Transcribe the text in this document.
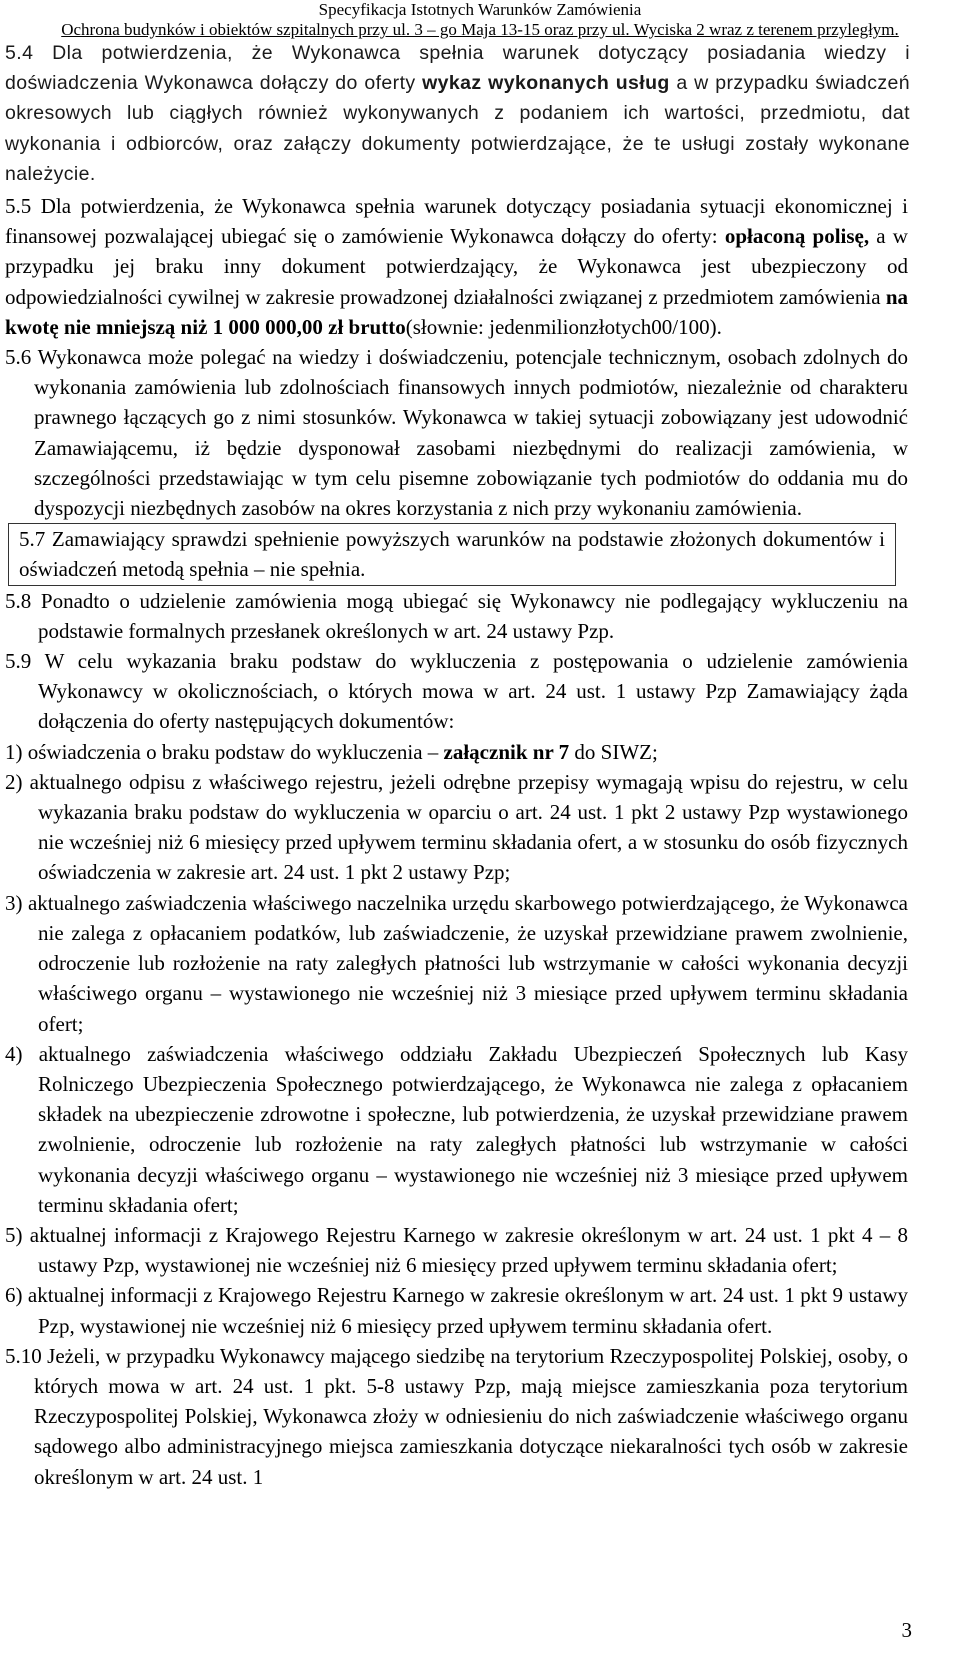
Specyfikacja Istotnych Warunków Zamówienia
Ochrona budynków i obiektów szpitalnych przy ul. 3 – go Maja 13-15 oraz przy ul. Wyciska 2 wraz z terenem przyległym.
5.4 Dla potwierdzenia, że Wykonawca spełnia warunek dotyczący posiadania wiedzy i doświadczenia Wykonawca dołączy do oferty wykaz wykonanych usług a w przypadku świadczeń okresowych lub ciągłych również wykonywanych z podaniem ich wartości, przedmiotu, dat wykonania i odbiorców, oraz załączy dokumenty potwierdzające, że te usługi zostały wykonane należycie.
5.5 Dla potwierdzenia, że Wykonawca spełnia warunek dotyczący posiadania sytuacji ekonomicznej i finansowej pozwalającej ubiegać się o zamówienie Wykonawca dołączy do oferty: opłaconą polisę, a w przypadku jej braku inny dokument potwierdzający, że Wykonawca jest ubezpieczony od odpowiedzialności cywilnej w zakresie prowadzonej działalności związanej z przedmiotem zamówienia na kwotę nie mniejszą niż 1 000 000,00 zł brutto(słownie: jedenmilionzłotych00/100).
5.6 Wykonawca może polegać na wiedzy i doświadczeniu, potencjale technicznym, osobach zdolnych do wykonania zamówienia lub zdolnościach finansowych innych podmiotów, niezależnie od charakteru prawnego łączących go z nimi stosunków. Wykonawca w takiej sytuacji zobowiązany jest udowodnić Zamawiającemu, iż będzie dysponował zasobami niezbędnymi do realizacji zamówienia, w szczególności przedstawiając w tym celu pisemne zobowiązanie tych podmiotów do oddania mu do dyspozycji niezbędnych zasobów na okres korzystania z nich przy wykonaniu zamówienia.
5.7 Zamawiający sprawdzi spełnienie powyższych warunków na podstawie złożonych dokumentów i oświadczeń metodą spełnia – nie spełnia.
5.8 Ponadto o udzielenie zamówienia mogą ubiegać się Wykonawcy nie podlegający wykluczeniu na podstawie formalnych przesłanek określonych w art. 24 ustawy Pzp.
5.9 W celu wykazania braku podstaw do wykluczenia z postępowania o udzielenie zamówienia Wykonawcy w okolicznościach, o których mowa w art. 24 ust. 1 ustawy Pzp Zamawiający żąda dołączenia do oferty następujących dokumentów:
1) oświadczenia o braku podstaw do wykluczenia – załącznik nr 7 do SIWZ;
2) aktualnego odpisu z właściwego rejestru, jeżeli odrębne przepisy wymagają wpisu do rejestru, w celu wykazania braku podstaw do wykluczenia w oparciu o art. 24 ust. 1 pkt 2 ustawy Pzp wystawionego nie wcześniej niż 6 miesięcy przed upływem terminu składania ofert, a w stosunku do osób fizycznych oświadczenia w zakresie art. 24 ust. 1 pkt 2 ustawy Pzp;
3) aktualnego zaświadczenia właściwego naczelnika urzędu skarbowego potwierdzającego, że Wykonawca nie zalega z opłacaniem podatków, lub zaświadczenie, że uzyskał przewidziane prawem zwolnienie, odroczenie lub rozłożenie na raty zaległych płatności lub wstrzymanie w całości wykonania decyzji właściwego organu – wystawionego nie wcześniej niż 3 miesiące przed upływem terminu składania ofert;
4) aktualnego zaświadczenia właściwego oddziału Zakładu Ubezpieczeń Społecznych lub Kasy Rolniczego Ubezpieczenia Społecznego potwierdzającego, że Wykonawca nie zalega z opłacaniem składek na ubezpieczenie zdrowotne i społeczne, lub potwierdzenia, że uzyskał przewidziane prawem zwolnienie, odroczenie lub rozłożenie na raty zaległych płatności lub wstrzymanie w całości wykonania decyzji właściwego organu – wystawionego nie wcześniej niż 3 miesiące przed upływem terminu składania ofert;
5) aktualnej informacji z Krajowego Rejestru Karnego w zakresie określonym w art. 24 ust. 1 pkt 4 – 8 ustawy Pzp, wystawionej nie wcześniej niż 6 miesięcy przed upływem terminu składania ofert;
6) aktualnej informacji z Krajowego Rejestru Karnego w zakresie określonym w art. 24 ust. 1 pkt 9 ustawy Pzp, wystawionej nie wcześniej niż 6 miesięcy przed upływem terminu składania ofert.
5.10 Jeżeli, w przypadku Wykonawcy mającego siedzibę na terytorium Rzeczypospolitej Polskiej, osoby, o których mowa w art. 24 ust. 1 pkt. 5-8 ustawy Pzp, mają miejsce zamieszkania poza terytorium Rzeczypospolitej Polskiej, Wykonawca złoży w odniesieniu do nich zaświadczenie właściwego organu sądowego albo administracyjnego miejsca zamieszkania dotyczące niekaralności tych osób w zakresie określonym w art. 24 ust. 1
3
